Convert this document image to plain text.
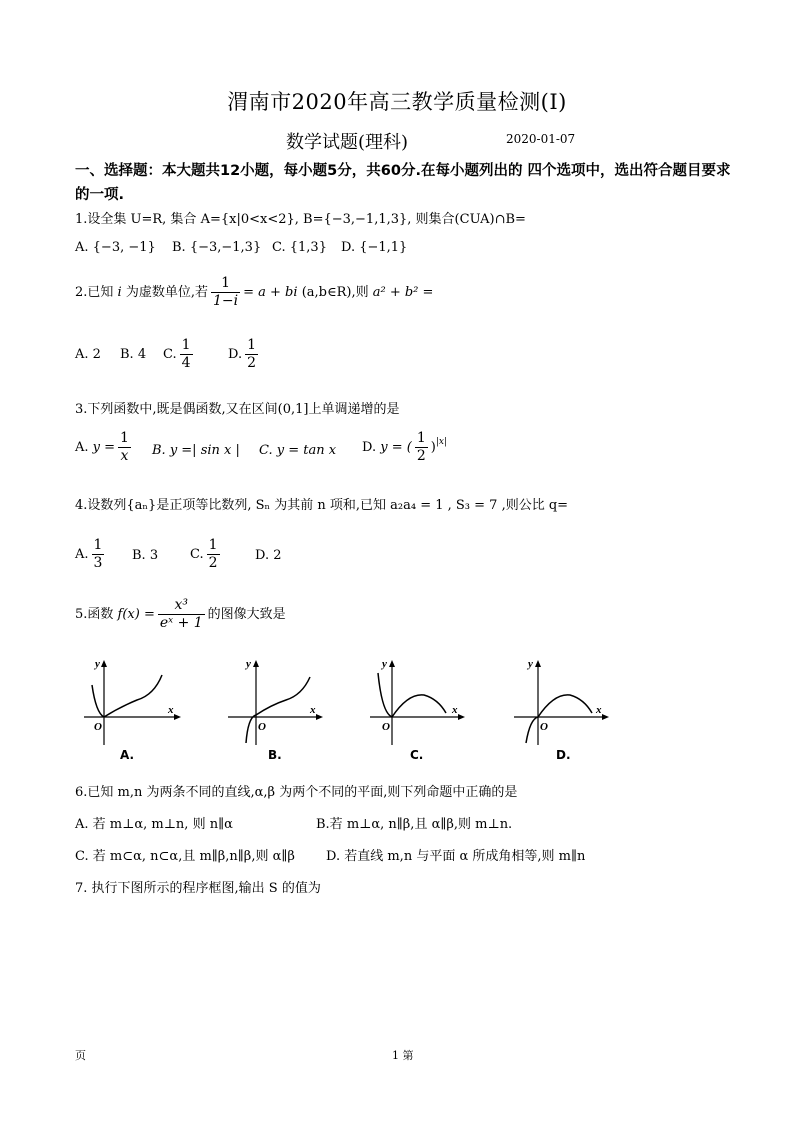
渭南市2020年高三教学质量检测(Ⅰ)
数学试题(理科)	2020-01-07
一、选择题：本大题共12小题，每小题5分，共60分.在每小题列出的 四个选项中，选出符合题目要求的一项.
1.设全集 U=R, 集合 A={x|0<x<2}, B={−3,−1,1,3}, 则集合(CUA)∩B=
A. {−3, −1} B. {−3,−1,3} C. {1,3} D. {−1,1}
2.已知 i 为虚数单位,若 $\frac{1}{1-i} = a$ + bi (a,b∈R),则 a² + b² =
A. 2 B. 4 C. $\frac{1}{4}$	D. $\frac{1}{2}$
3.下列函数中,既是偶函数,又在区间(0,1]上单调递增的是
A. $y = \frac{1}{x} B$. y =| sin x | C. y = tan x D. y = ( $\frac{1}{2} )^{|x|}$
4.设数列{aₙ}是正项等比数列, Sₙ 为其前 n 项和,已知 a₂a₄ = 1 , S₃ = 7 ,则公比 q=
A. $\frac{1}{3} B$. 3 C. $\frac{1}{2}$	D. 2
5.函数 $f(x) = \frac{\text{x³}}{\text{eˣ + 1}}$ 的图像大致是
y
x
O
A.
y
x
O
B.
y
x
O
C.
y
x
O
D.
6.已知 m,n 为两条不同的直线,α,β 为两个不同的平面,则下列命题中正确的是
A. 若 m⊥α, m⊥n, 则 n∥α	B.若 m⊥α, n∥β,且 α∥β,则 m⊥n.
C. 若 m⊂α, n⊂α,且 m∥β,n∥β,则 α∥β D. 若直线 m,n 与平面 α 所成角相等,则 m∥n
7. 执行下图所示的程序框图,输出 S 的值为
页	1 第
